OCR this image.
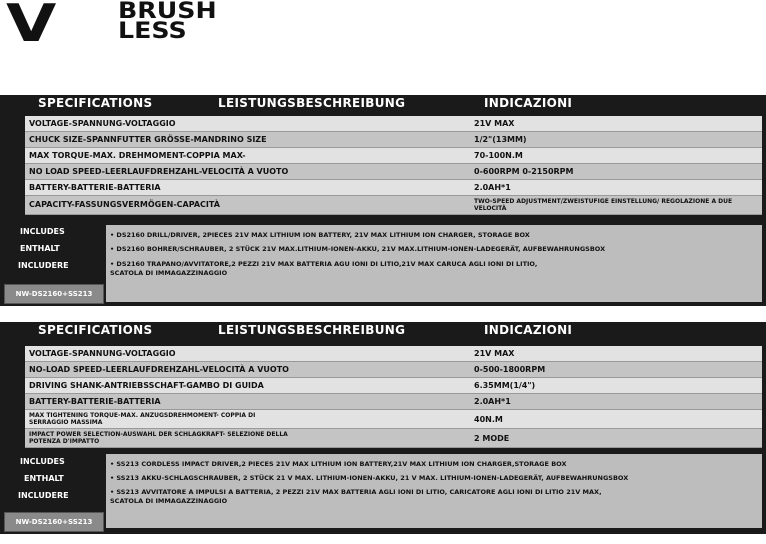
V	BRUSH
LESS
SPECIFICATIONS	LEISTUNGSBESCHREIBUNG	INDICAZIONI
VOLTAGE-SPANNUNG-VOLTAGGIO	21V MAX
CHUCK SIZE-SPANNFUTTER GRÖSSE-MANDRINO SIZE	1/2"(13MM)
MAX TORQUE-MAX. DREHMOMENT-COPPIA MAX-	70-100N.M
NO LOAD SPEED-LEERLAUFDREHZAHL-VELOCITÀ A VUOTO	0-600RPM 0-2150RPM
BATTERY-BATTERIE-BATTERIA	2.0AH*1
CAPACITY-FASSUNGSVERMÖGEN-CAPACITÀ	TWO-SPEED ADJUSTMENT/ZWEISTUFIGE EINSTELLUNG/ REGOLAZIONE A DUE VELOCITÀ
INCLUDES
ENTHALT
INCLUDERE
NW-DS2160+SS213
• DS2160 DRILL/DRIVER, 2PIECES 21V MAX LITHIUM ION BATTERY, 21V MAX LITHIUM ION CHARGER, STORAGE BOX
• DS2160 BOHRER/SCHRAUBER, 2 STÜCK 21V MAX.LITHIUM-IONEN-AKKU, 21V MAX.LITHIUM-IONEN-LADEGERÄT, AUFBEWAHRUNGSBOX
• DS2160 TRAPANO/AVVITATORE,2 PEZZI 21V MAX BATTERIA AGU IONI DI LITIO,21V MAX CARUCA AGLI IONI DI LITIO,
SCATOLA DI IMMAGAZZINAGGIO
SPECIFICATIONS	LEISTUNGSBESCHREIBUNG	INDICAZIONI
VOLTAGE-SPANNUNG-VOLTAGGIO	21V MAX
NO-LOAD SPEED-LEERLAUFDREHZAHL-VELOCITÀ A VUOTO	0-500-1800RPM
DRIVING SHANK-ANTRIEBSSCHAFT-GAMBO DI GUIDA	6.35MM(1/4")
BATTERY-BATTERIE-BATTERIA	2.0AH*1
MAX TIGHTENING TORQUE-MAX. ANZUGSDREHMOMENT- COPPIA DI SERRAGGIO MASSIMA	40N.M
IMPACT POWER SELECTION-AUSWAHL DER SCHLAGKRAFT- SELEZIONE DELLA POTENZA D'IMPATTO	2 MODE
INCLUDES
ENTHALT
INCLUDERE
NW-DS2160+SS213
• SS213 CORDLESS IMPACT DRIVER,2 PIECES 21V MAX LITHIUM ION BATTERY,21V MAX LITHIUM ION CHARGER,STORAGE BOX
• SS213 AKKU-SCHLAGSCHRAUBER, 2 STÜCK 21 V MAX. LITHIUM-IONEN-AKKU, 21 V MAX. LITHIUM-IONEN-LADEGERÄT, AUFBEWAHRUNGSBOX
• SS213 AVVITATORE A IMPULSI A BATTERIA, 2 PEZZI 21V MAX BATTERIA AGLI IONI DI LITIO, CARICATORE AGLI IONI DI LITIO 21V MAX,
SCATOLA DI IMMAGAZZINAGGIO
